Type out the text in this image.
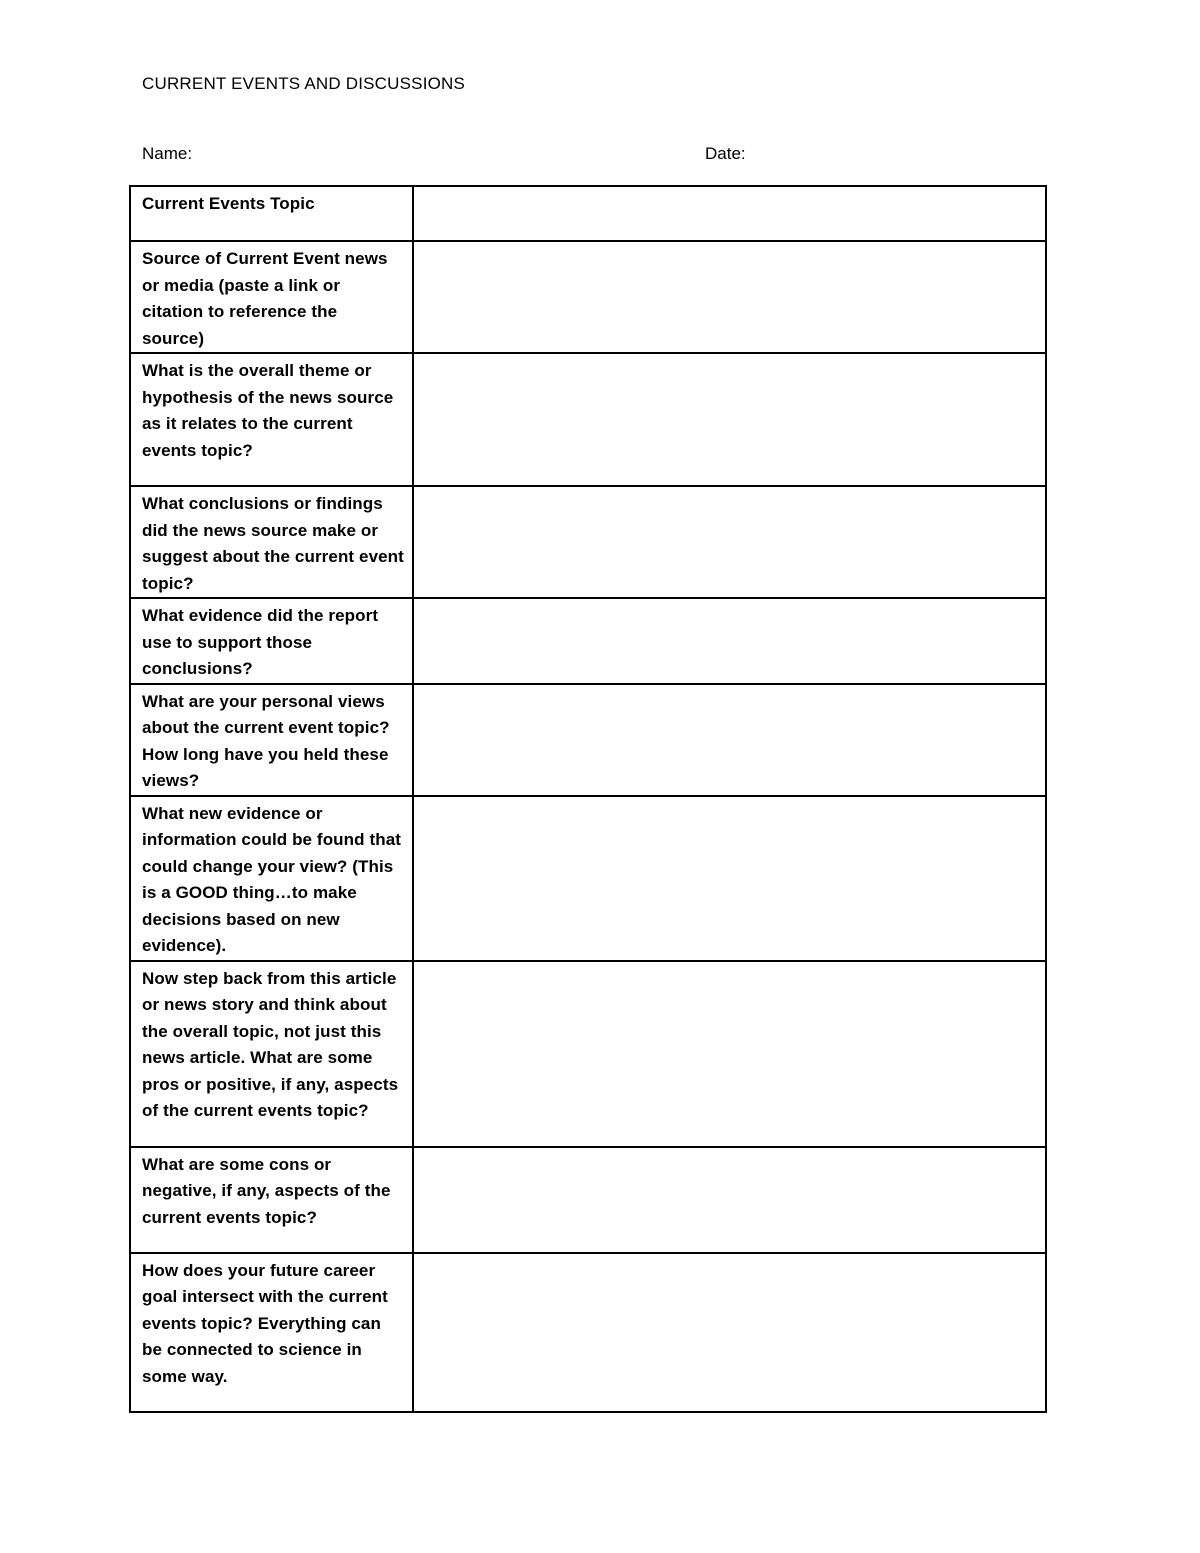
CURRENT EVENTS AND DISCUSSIONS
Name:	Date:
Current Events Topic	

Source of Current Event news or media (paste a link or citation to reference the source)	

What is the overall theme or hypothesis of the news source as it relates to the current events topic?	

What conclusions or findings did the news source make or suggest about the current event topic?	

What evidence did the report use to support those conclusions?	

What are your personal views about the current event topic? How long have you held these views?	

What new evidence or information could be found that could change your view? (This is a GOOD thing…to make decisions based on new evidence).	

Now step back from this article or news story and think about the overall topic, not just this news article. What are some pros or positive, if any, aspects of the current events topic?	

What are some cons or negative, if any, aspects of the current events topic?	

How does your future career goal intersect with the current events topic? Everything can be connected to science in some way.	
